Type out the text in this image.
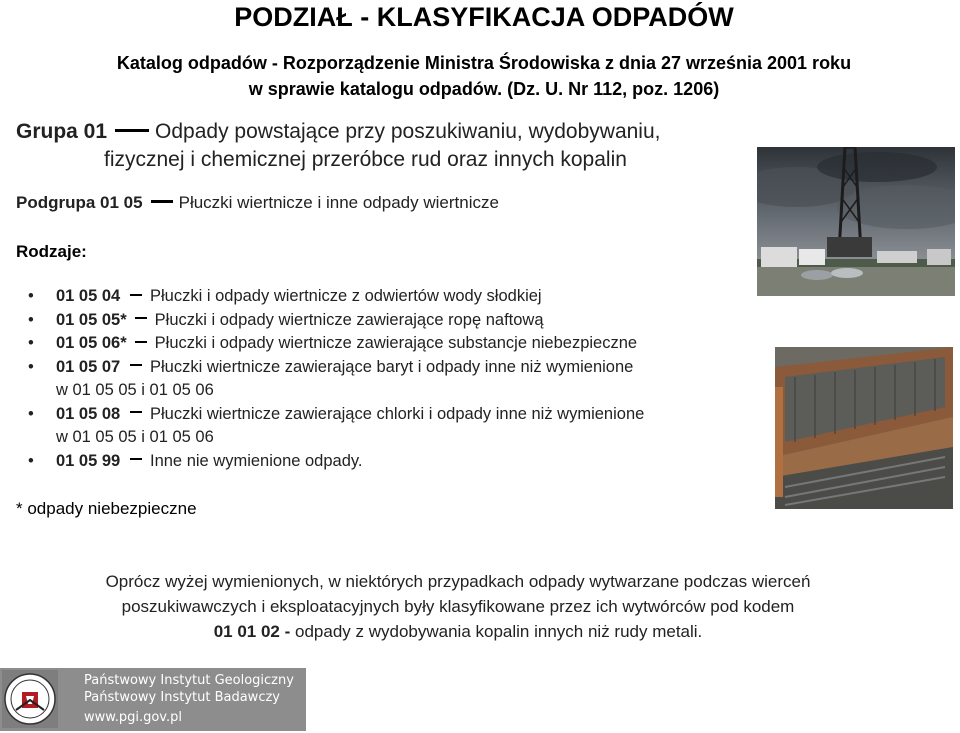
PODZIAŁ - KLASYFIKACJA ODPADÓW
Katalog odpadów - Rozporządzenie Ministra Środowiska z dnia 27 września 2001 roku
w sprawie katalogu odpadów. (Dz. U. Nr 112, poz. 1206)
Grupa 01 Odpady powstające przy poszukiwaniu, wydobywaniu,
fizycznej i chemicznej przeróbce rud oraz innych kopalin
Podgrupa 01 05 Płuczki wiertnicze i inne odpady wiertnicze
Rodzaje:
• 01 05 04 Płuczki i odpady wiertnicze z odwiertów wody słodkiej
• 01 05 05* Płuczki i odpady wiertnicze zawierające ropę naftową
• 01 05 06* Płuczki i odpady wiertnicze zawierające substancje niebezpieczne
• 01 05 07 Płuczki wiertnicze zawierające baryt i odpady inne niż wymienione
w 01 05 05 i 01 05 06
• 01 05 08 Płuczki wiertnicze zawierające chlorki i odpady inne niż wymienione
w 01 05 05 i 01 05 06
• 01 05 99 Inne nie wymienione odpady.
* odpady niebezpieczne
Oprócz wyżej wymienionych, w niektórych przypadkach odpady wytwarzane podczas wierceń
poszukiwawczych i eksploatacyjnych były klasyfikowane przez ich wytwórców pod kodem
01 01 02 - odpady z wydobywania kopalin innych niż rudy metali.
Państwowy Instytut Geologiczny
Państwowy Instytut Badawczy
www.pgi.gov.pl
